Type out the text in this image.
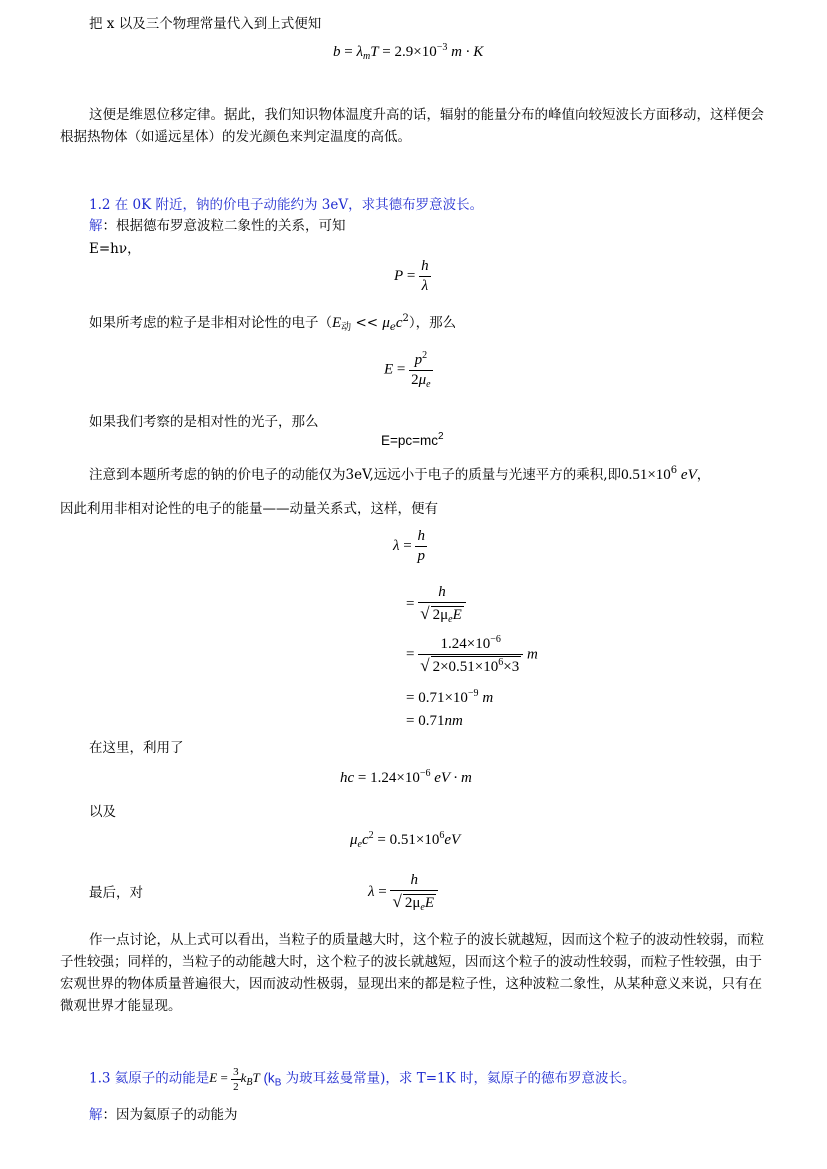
把 x 以及三个物理常量代入到上式便知

$b = \lambda_mT = 2.9\times 10^{-3}$ m · K

这便是维恩位移定律。据此，我们知识物体温度升高的话，辐射的能量分布的峰值向较短波长方面移动，这样便会根据热物体（如遥远星体）的发光颜色来判定温度的高低。

1.2 在 0K 附近，钠的价电子动能约为 3eV，求其德布罗意波长。

解：根据德布罗意波粒二象性的关系，可知

E=hν，

$P = \frac{h}{\lambda}$

如果所考虑的粒子是非相对论性的电子$(E_动 << \mu_ec^2)$，那么

$E = \frac{p^2}{2\mu_e}$

如果我们考察的是相对性的光子，那么

$E=pc=mc^2$

注意到本题所考虑的钠的价电子的动能仅为3eV,远远小于电子的质量与光速平方的乘积,即$0.51\times 10^6$ eV，

因此利用非相对论性的电子的能量——动量关系式，这样，便有

$\lambda = \frac{h}{p}$
= $\frac{h}{√ 2\mu_eE}$
= $\frac{1.24\times 10^{-6}}{√ 2\times 0.51\times 10^6\times 3}$ m
= $0.71\times 10^{-9}$ m
= 0.71nm

在这里，利用了

hc = $1.24\times 10^{-6}$ eV · m

以及

$\mu_ec^2 = 0.51\times 10^6eV$

最后，对	$\lambda = \frac{h}{√ 2\mu_eE}$

作一点讨论，从上式可以看出，当粒子的质量越大时，这个粒子的波长就越短，因而这个粒子的波动性较弱，而粒子性较强；同样的，当粒子的动能越大时，这个粒子的波长就越短，因而这个粒子的波动性较弱，而粒子性较强，由于宏观世界的物体质量普遍很大，因而波动性极弱，显现出来的都是粒子性，这种波粒二象性，从某种意义来说，只有在微观世界才能显现。

1.3 氦原子的动能是$E = \frac{3}{2} k_BT$ ($k_B$ 为玻耳兹曼常量)，求 T=1K 时，氦原子的德布罗意波长。

解：因为氦原子的动能为
